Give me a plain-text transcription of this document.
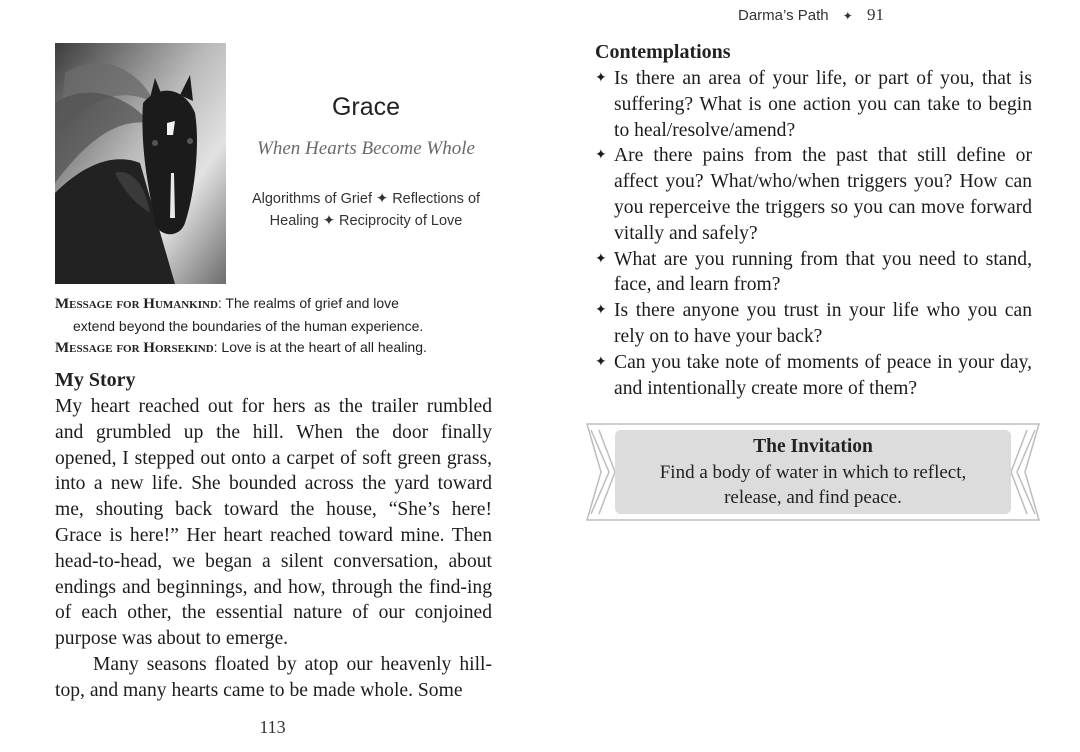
Grace
When Hearts Become Whole
Algorithms of Grief ✦ Reflections of
Healing ✦ Reciprocity of Love
Message for Humankind: The realms of grief and love
extend beyond the boundaries of the human experience.
Message for Horsekind: Love is at the heart of all healing.
My Story

My heart reached out for hers as the trailer rumbled and grumbled up the hill. When the door finally opened, I stepped out onto a carpet of soft green grass, into a new life. She bounded across the yard toward me, shouting back toward the house, “She’s here! Grace is here!” Her heart reached toward mine. Then head-to-head, we began a silent conversation, about endings and beginnings, and how, through the find-ing of each other, the essential nature of our conjoined purpose was about to emerge.

Many seasons floated by atop our heavenly hill-top, and many hearts came to be made whole. Some

113
Darma’s Path ✦ 91
Contemplations
✦ Is there an area of your life, or part of you, that is suffering? What is one action you can take to begin to heal/resolve/amend?
✦ Are there pains from the past that still define or affect you? What/who/when triggers you? How can you reperceive the triggers so you can move forward vitally and safely?
✦ What are you running from that you need to stand, face, and learn from?
✦ Is there anyone you trust in your life who you can rely on to have your back?
✦ Can you take note of moments of peace in your day, and intentionally create more of them?
The Invitation
Find a body of water in which to reflect, release, and find peace.
